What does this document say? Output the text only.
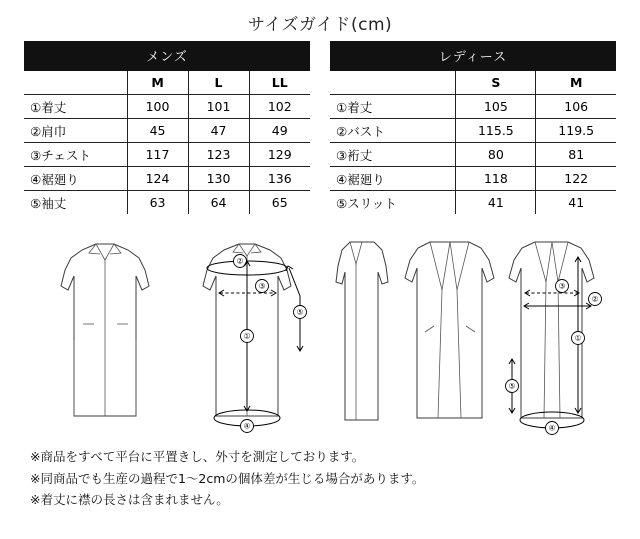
サイズガイド(cm)
メンズ
	M	L	LL
①着丈	100	101	102
②肩巾	45	47	49
③チェスト	117	123	129
④裾廻り	124	130	136
⑤袖丈	63	64	65
レディース
	S	M
①着丈	105	106
②バスト	115.5	119.5
③裄丈	80	81
④裾廻り	118	122
⑤スリット	41	41
②
③
①
④
⑤
③
②
①
④
⑤
※商品をすべて平台に平置きし、外寸を測定しております。
※同商品でも生産の過程で1〜2cmの個体差が生じる場合があります。
※着丈に襟の長さは含まれません。
